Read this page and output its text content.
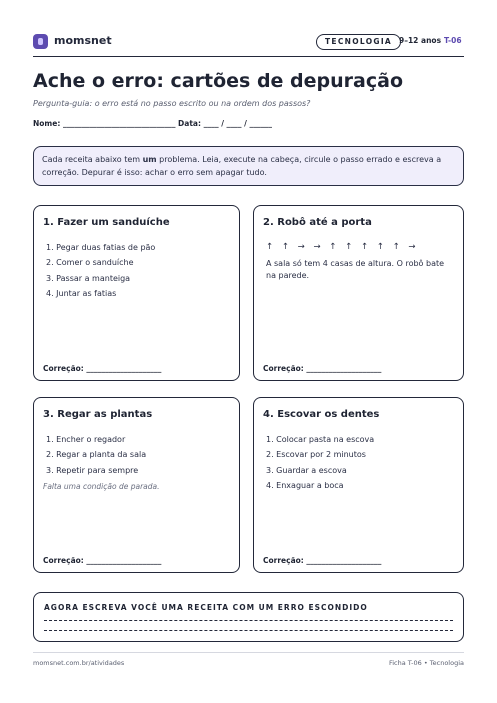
momsnet	TECNOLOGIA 9–12 anos T-06
Ache o erro: cartões de depuração
Pergunta-guia: o erro está no passo escrito ou na ordem dos passos?
Nome: ______________________________ Data: ____ / ____ / ______
Cada receita abaixo tem um problema. Leia, execute na cabeça, circule o passo errado e escreva a correção. Depurar é isso: achar o erro sem apagar tudo.
1. Fazer um sanduíche
1. Pegar duas fatias de pão
2. Comer o sanduíche
3. Passar a manteiga
4. Juntar as fatias
Correção: ____________________
2. Robô até a porta
↑ ↑ → → ↑ ↑ ↑ ↑ ↑ →
A sala só tem 4 casas de altura. O robô bate na parede.
Correção: ____________________
3. Regar as plantas
1. Encher o regador
2. Regar a planta da sala
3. Repetir para sempre
Falta uma condição de parada.
Correção: ____________________
4. Escovar os dentes
1. Colocar pasta na escova
2. Escovar por 2 minutos
3. Guardar a escova
4. Enxaguar a boca
Correção: ____________________
AGORA ESCREVA VOCÊ UMA RECEITA COM UM ERRO ESCONDIDO
momsnet.com.br/atividades	Ficha T-06 • Tecnologia
